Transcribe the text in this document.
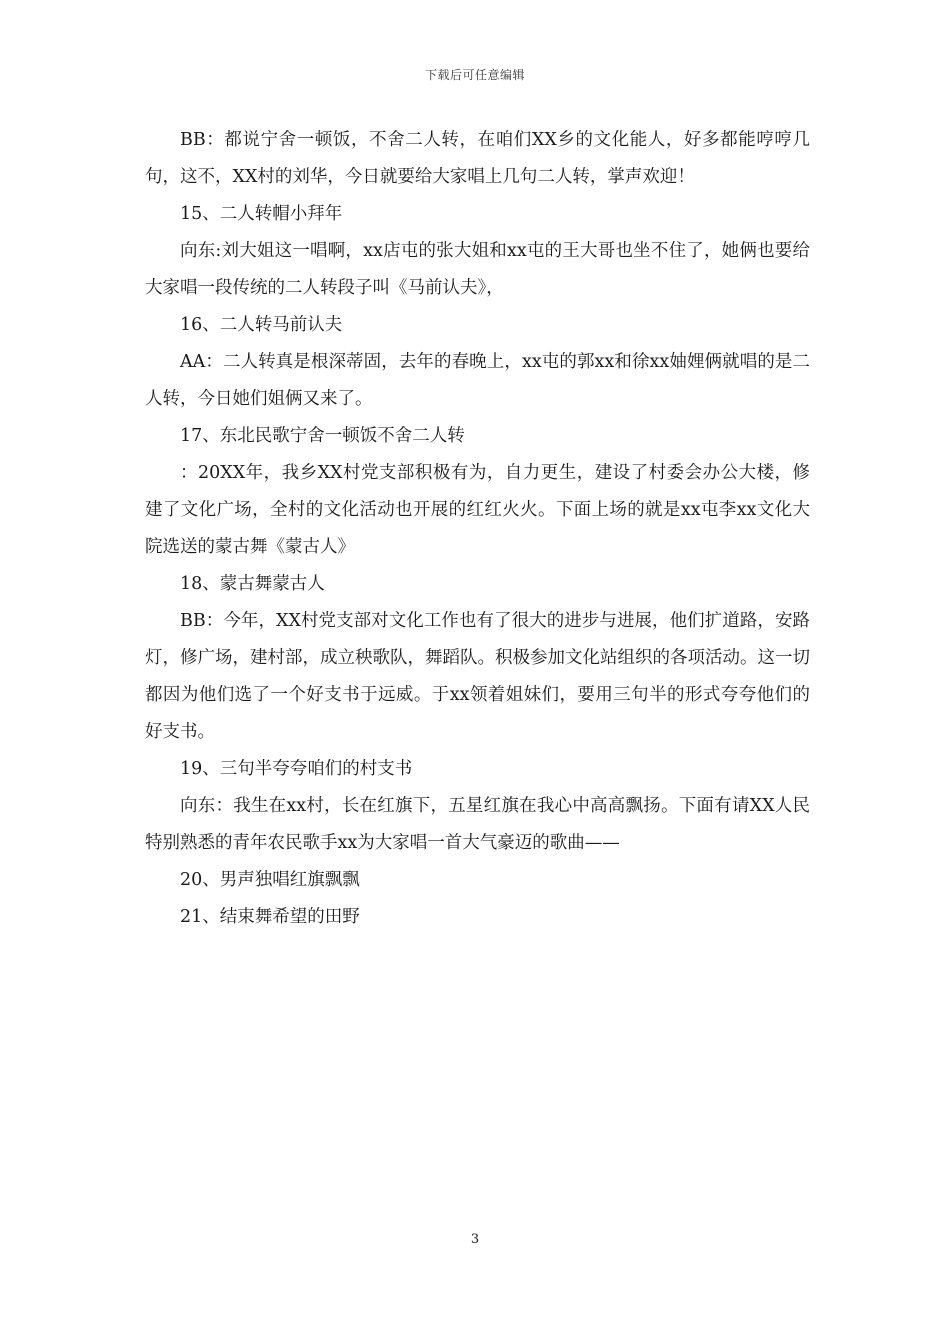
下载后可任意编辑

BB：都说宁舍一顿饭，不舍二人转，在咱们XX乡的文化能人，好多都能哼哼几句，这不，XX村的刘华，今日就要给大家唱上几句二人转，掌声欢迎！

15、二人转帽小拜年

向东:刘大姐这一唱啊，xx店屯的张大姐和xx屯的王大哥也坐不住了，她俩也要给大家唱一段传统的二人转段子叫《马前认夫》，

16、二人转马前认夫

AA：二人转真是根深蒂固，去年的春晚上，xx屯的郭xx和徐xx妯娌俩就唱的是二人转，今日她们姐俩又来了。

17、东北民歌宁舍一顿饭不舍二人转

：20XX年，我乡XX村党支部积极有为，自力更生，建设了村委会办公大楼，修建了文化广场，全村的文化活动也开展的红红火火。下面上场的就是xx屯李xx文化大院选送的蒙古舞《蒙古人》

18、蒙古舞蒙古人

BB：今年，XX村党支部对文化工作也有了很大的进步与进展，他们扩道路，安路灯，修广场，建村部，成立秧歌队，舞蹈队。积极参加文化站组织的各项活动。这一切都因为他们选了一个好支书于远威。于xx领着姐妹们，要用三句半的形式夸夸他们的好支书。

19、三句半夸夸咱们的村支书

向东：我生在xx村，长在红旗下，五星红旗在我心中高高飘扬。下面有请XX人民特别熟悉的青年农民歌手xx为大家唱一首大气豪迈的歌曲——

20、男声独唱红旗飘飘

21、结束舞希望的田野

3
